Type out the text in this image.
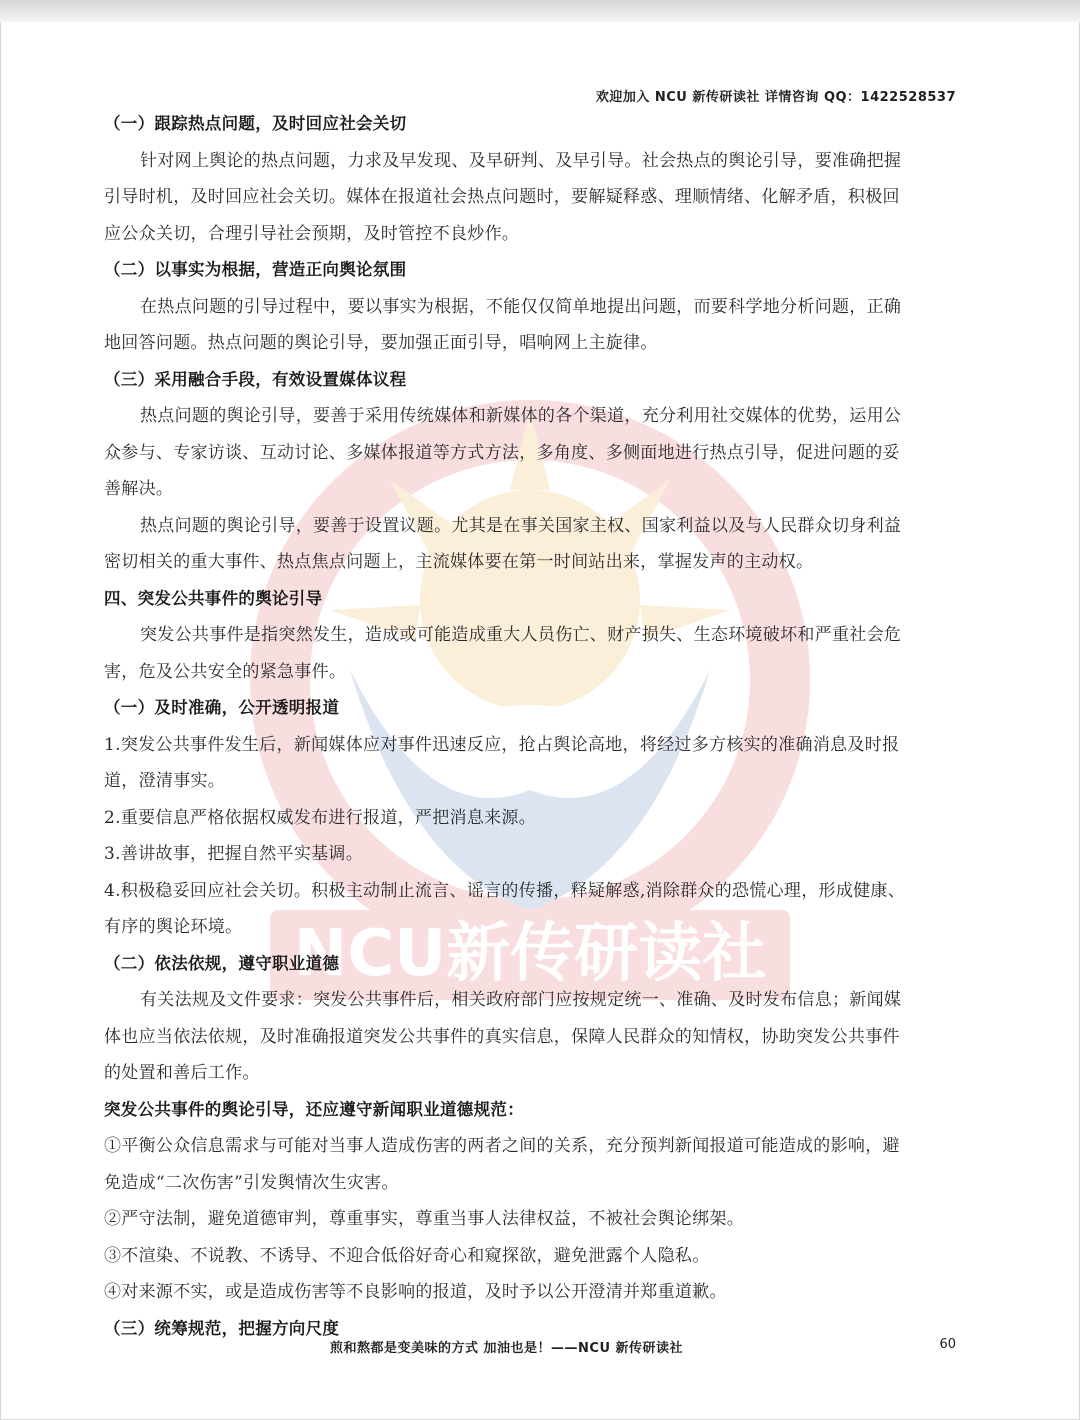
NCU新传研读社
欢迎加入 NCU 新传研读社 详情咨询 QQ：1422528537
（一）跟踪热点问题，及时回应社会关切
针对网上舆论的热点问题，力求及早发现、及早研判、及早引导。社会热点的舆论引导，要准确把握
引导时机，及时回应社会关切。媒体在报道社会热点问题时，要解疑释惑、理顺情绪、化解矛盾，积极回
应公众关切，合理引导社会预期，及时管控不良炒作。
（二）以事实为根据，营造正向舆论氛围
在热点问题的引导过程中，要以事实为根据，不能仅仅简单地提出问题，而要科学地分析问题，正确
地回答问题。热点问题的舆论引导，要加强正面引导，唱响网上主旋律。
（三）采用融合手段，有效设置媒体议程
热点问题的舆论引导，要善于采用传统媒体和新媒体的各个渠道，充分利用社交媒体的优势，运用公
众参与、专家访谈、互动讨论、多媒体报道等方式方法，多角度、多侧面地进行热点引导，促进问题的妥
善解决。
热点问题的舆论引导，要善于设置议题。尤其是在事关国家主权、国家利益以及与人民群众切身利益
密切相关的重大事件、热点焦点问题上，主流媒体要在第一时间站出来，掌握发声的主动权。
四、突发公共事件的舆论引导
突发公共事件是指突然发生，造成或可能造成重大人员伤亡、财产损失、生态环境破坏和严重社会危
害，危及公共安全的紧急事件。
（一）及时准确，公开透明报道
1.突发公共事件发生后，新闻媒体应对事件迅速反应，抢占舆论高地，将经过多方核实的准确消息及时报
道，澄清事实。
2.重要信息严格依据权威发布进行报道，严把消息来源。
3.善讲故事，把握自然平实基调。
4.积极稳妥回应社会关切。积极主动制止流言、谣言的传播，释疑解惑,消除群众的恐慌心理，形成健康、
有序的舆论环境。
（二）依法依规，遵守职业道德
有关法规及文件要求：突发公共事件后，相关政府部门应按规定统一、准确、及时发布信息；新闻媒
体也应当依法依规，及时准确报道突发公共事件的真实信息，保障人民群众的知情权，协助突发公共事件
的处置和善后工作。
突发公共事件的舆论引导，还应遵守新闻职业道德规范：
①平衡公众信息需求与可能对当事人造成伤害的两者之间的关系，充分预判新闻报道可能造成的影响，避
免造成“二次伤害”引发舆情次生灾害。
②严守法制，避免道德审判，尊重事实，尊重当事人法律权益，不被社会舆论绑架。
③不渲染、不说教、不诱导、不迎合低俗好奇心和窥探欲，避免泄露个人隐私。
④对来源不实，或是造成伤害等不良影响的报道，及时予以公开澄清并郑重道歉。
（三）统筹规范，把握方向尺度
煎和熬都是变美味的方式 加油也是！——NCU 新传研读社	60
